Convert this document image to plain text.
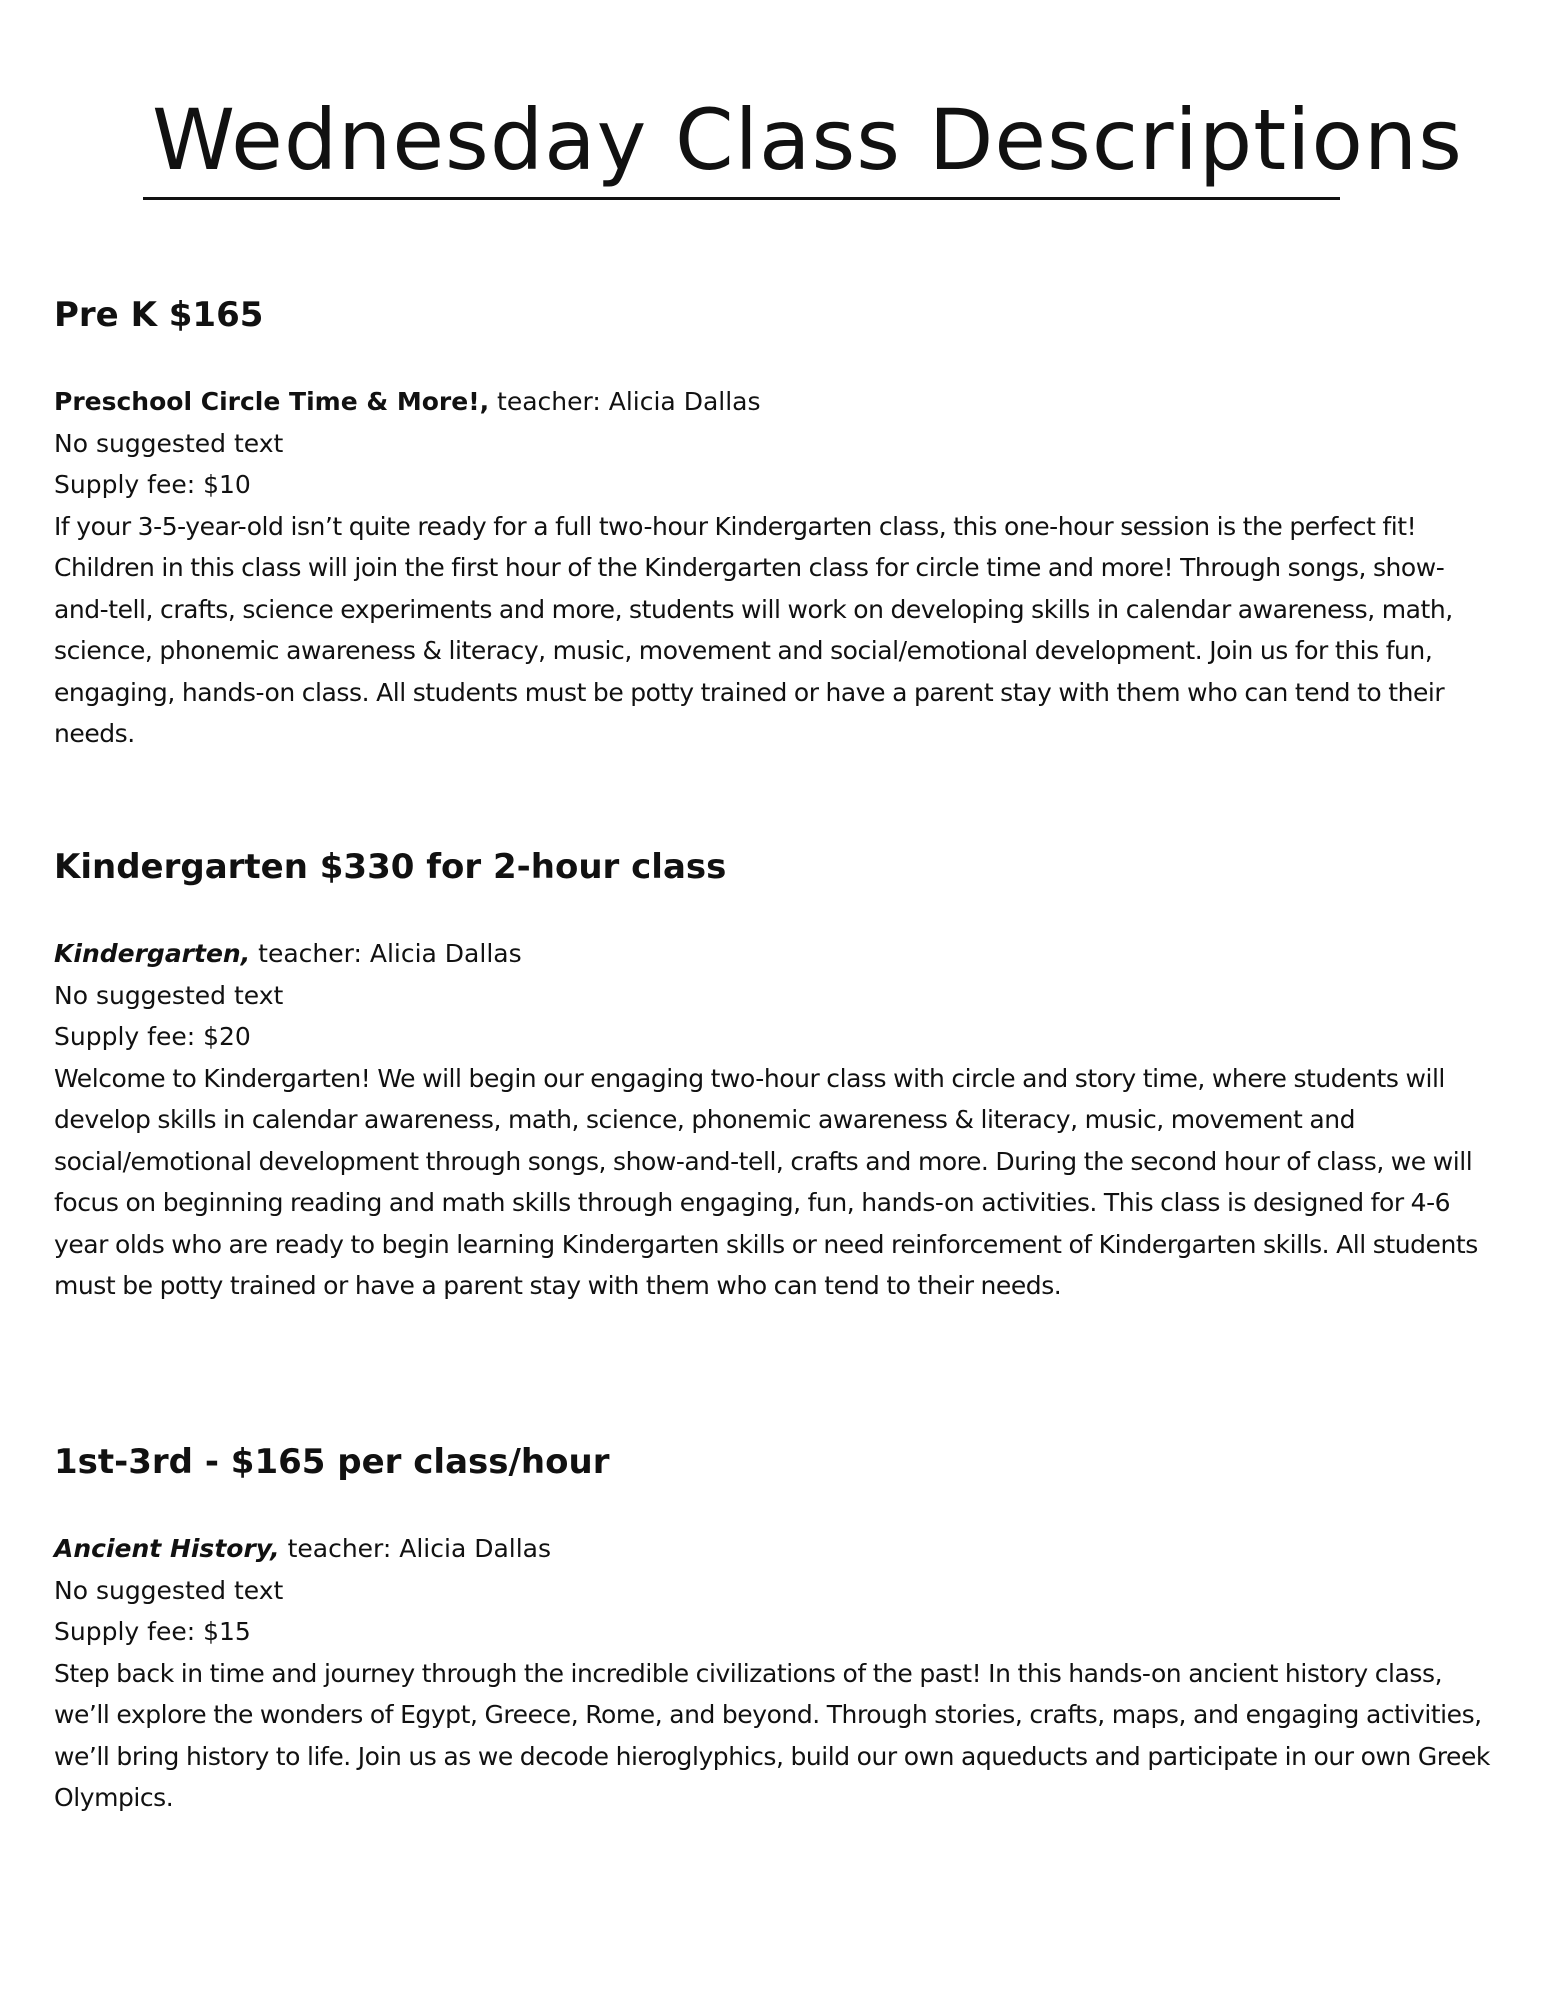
Wednesday Class Descriptions
Pre K $165
Preschool Circle Time & More!, teacher: Alicia Dallas
No suggested text
Supply fee: $10
If your 3-5-year-old isn’t quite ready for a full two-hour Kindergarten class, this one-hour session is the perfect fit! Children in this class will join the first hour of the Kindergarten class for circle time and more! Through songs, show-and-tell, crafts, science experiments and more, students will work on developing skills in calendar awareness, math, science, phonemic awareness & literacy, music, movement and social/emotional development. Join us for this fun, engaging, hands-on class. All students must be potty trained or have a parent stay with them who can tend to their needs.
Kindergarten $330 for 2-hour class
Kindergarten, teacher: Alicia Dallas
No suggested text
Supply fee: $20
Welcome to Kindergarten! We will begin our engaging two-hour class with circle and story time, where students will develop skills in calendar awareness, math, science, phonemic awareness & literacy, music, movement and social/emotional development through songs, show-and-tell, crafts and more. During the second hour of class, we will focus on beginning reading and math skills through engaging, fun, hands-on activities. This class is designed for 4-6 year olds who are ready to begin learning Kindergarten skills or need reinforcement of Kindergarten skills. All students must be potty trained or have a parent stay with them who can tend to their needs.
1st-3rd - $165 per class/hour
Ancient History, teacher: Alicia Dallas
No suggested text
Supply fee: $15
Step back in time and journey through the incredible civilizations of the past! In this hands-on ancient history class, we’ll explore the wonders of Egypt, Greece, Rome, and beyond. Through stories, crafts, maps, and engaging activities, we’ll bring history to life. Join us as we decode hieroglyphics, build our own aqueducts and participate in our own Greek Olympics.
